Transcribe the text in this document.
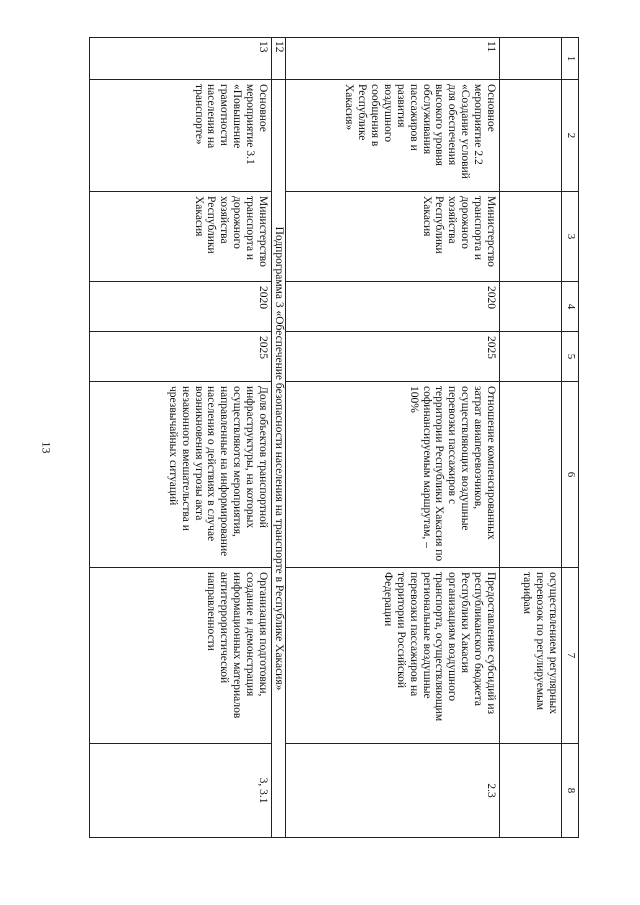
13
1	2	3	4	5	6	7	8
						осуществлением регулярных перевозок по регулируемым тарифам	
11	Основное мероприятие 2.2 «Создание условий для обеспечения высокого уровня обслуживания пассажиров и развития воздушного сообщения в Республике Хакасия»	Министерство транспорта и дорожного хозяйства Республики Хакасия	2020	2025	Отношение компенсированных затрат авиаперевозчиков, осуществляющих воздушные перевозки пассажиров с территории Республики Хакасия по софинансируемым маршрутам, – 100%	Предоставление субсидий из республиканского бюджета Республики Хакасия организациям воздушного транспорта, осуществляющим региональные воздушные перевозки пассажиров на территории Российской Федерации	2.3
12	Подпрограмма 3 «Обеспечение безопасности населения на транспорте в Республике Хакасия»						
13	Основное мероприятие 3.1 «Повышение грамотности населения на транспорте»	Министерство транспорта и дорожного хозяйства Республики Хакасия	2020	2025	Доля объектов транспортной инфраструктуры, на которых осуществляются мероприятия, направленные на информирование населения о действиях в случае возникновения угрозы акта незаконного вмешательства и чрезвычайных ситуаций	Организация подготовки, создание и демонстрация информационных материалов антитеррористической направленности	3, 3.1
